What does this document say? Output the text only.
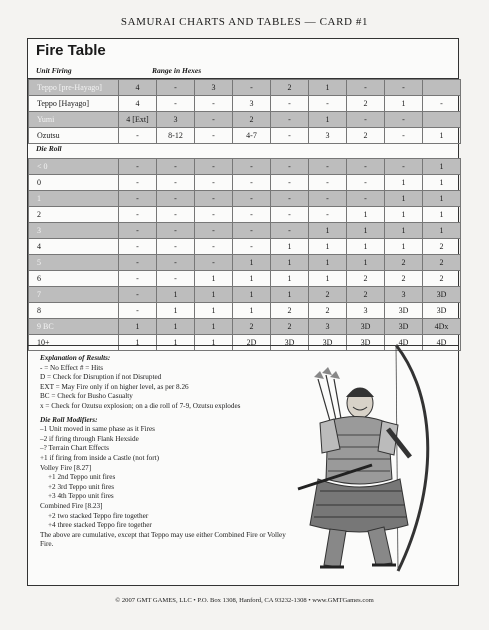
SAMURAI CHARTS AND TABLES — CARD #1
Fire Table
Unit Firing	Range in Hexes
Teppo [pre-Hayago]	4	-	3	-	2	1	-	-	
Teppo [Hayago]	4	-	-	3	-	-	2	1	-
Yumi	4 [Ext]	3	-	2	-	1	-	-	
Ozutsu	-	8-12	-	4-7	-	3	2	-	1
Die Roll
< 0	-	-	-	-	-	-	-	-	1
0	-	-	-	-	-	-	-	1	1
1	-	-	-	-	-	-	-	1	1
2	-	-	-	-	-	-	1	1	1
3	-	-	-	-	-	1	1	1	1
4	-	-	-	-	1	1	1	1	2
5	-	-	-	1	1	1	1	2	2
6	-	-	1	1	1	1	2	2	2
7	-	1	1	1	1	2	2	3	3D
8	-	1	1	1	2	2	3	3D	3D
9 BC	1	1	1	2	2	3	3D	3D	4Dx
10+	1	1	1	2D	3D	3D	3D	4D	4D
Explanation of Results:
- = No Effect # = Hits
D = Check for Disruption if not Disrupted
EXT = May Fire only if on higher level, as per 8.26
BC = Check for Busho Casualty
x = Check for Ozutsu explosion; on a die roll of 7-9, Ozutsu explodes
Die Roll Modifiers:
–1 Unit moved in same phase as it Fires
–2 if firing through Flank Hexside
–? Terrain Chart Effects
+1 if firing from inside a Castle (not fort)
Volley Fire [8.27]
+1 2nd Teppo unit fires
+2 3rd Teppo unit fires
+3 4th Teppo unit fires
Combined Fire [8.23]
+2 two stacked Teppo fire together
+4 three stacked Teppo fire together
The above are cumulative, except that Teppo may use either Combined Fire or Volley Fire.
© 2007 GMT GAMES, LLC • P.O. Box 1308, Hanford, CA 93232-1308 • www.GMTGames.com
